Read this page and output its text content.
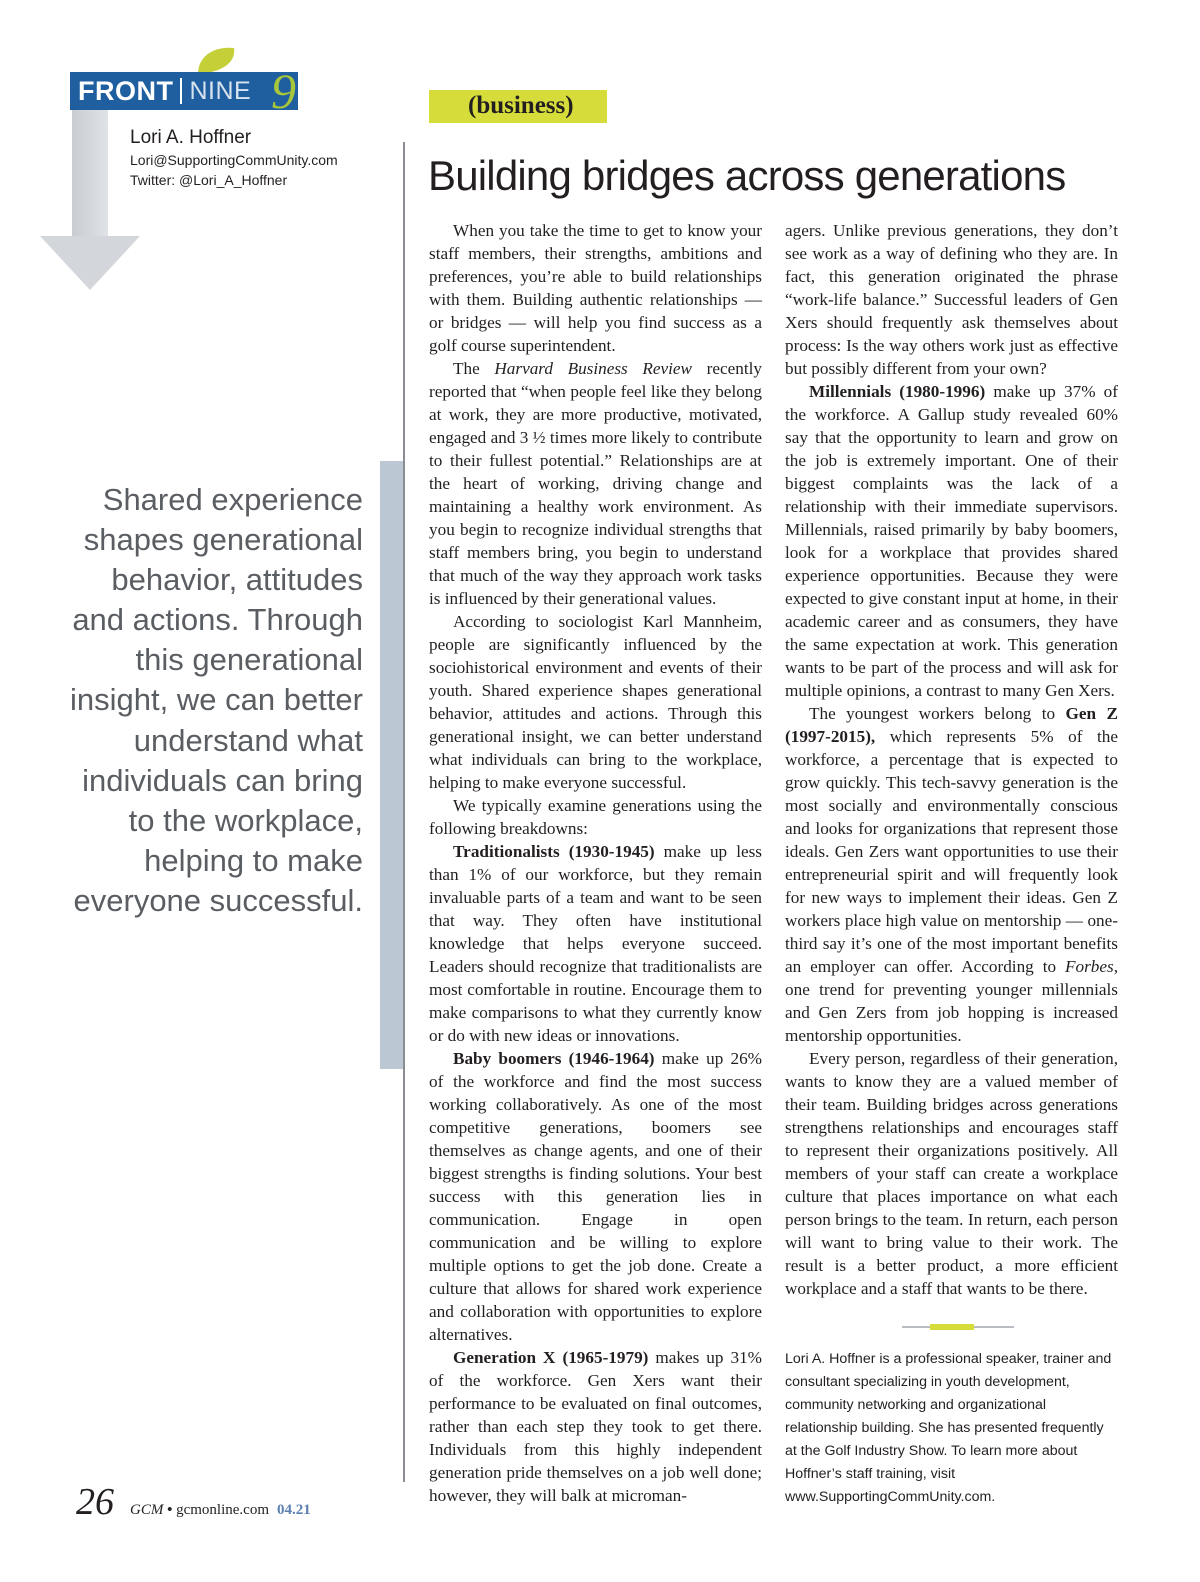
FRONT NINE 9
Lori A. Hoffner
Lori@SupportingCommUnity.com
Twitter: @Lori_A_Hoffner
(business)
Building bridges across generations
Shared experience shapes generational behavior, attitudes and actions. Through this generational insight, we can better understand what individuals can bring to the workplace, helping to make everyone successful.

When you take the time to get to know your staff members, their strengths, ambitions and preferences, you’re able to build relationships with them. Building authentic relationships — or bridges — will help you find success as a golf course superintendent.

The Harvard Business Review recently reported that “when people feel like they belong at work, they are more productive, motivated, engaged and 3 ½ times more likely to contribute to their fullest potential.” Relationships are at the heart of working, driving change and maintaining a healthy work environment. As you begin to recognize individual strengths that staff members bring, you begin to understand that much of the way they approach work tasks is influenced by their generational values.

According to sociologist Karl Mannheim, people are significantly influenced by the sociohistorical environment and events of their youth. Shared experience shapes generational behavior, attitudes and actions. Through this generational insight, we can better understand what individuals can bring to the workplace, helping to make everyone successful.

We typically examine generations using the following breakdowns:

Traditionalists (1930-1945) make up less than 1% of our workforce, but they remain invaluable parts of a team and want to be seen that way. They often have institutional knowledge that helps everyone succeed. Leaders should recognize that traditionalists are most comfortable in routine. Encourage them to make comparisons to what they currently know or do with new ideas or innovations.

Baby boomers (1946-1964) make up 26% of the workforce and find the most success working collaboratively. As one of the most competitive generations, boomers see themselves as change agents, and one of their biggest strengths is finding solutions. Your best success with this generation lies in communication. Engage in open communication and be willing to explore multiple options to get the job done. Create a culture that allows for shared work experience and collaboration with opportunities to explore alternatives.

Generation X (1965-1979) makes up 31% of the workforce. Gen Xers want their performance to be evaluated on final outcomes, rather than each step they took to get there. Individuals from this highly independent generation pride themselves on a job well done; however, they will balk at microman-

agers. Unlike previous generations, they don’t see work as a way of defining who they are. In fact, this generation originated the phrase “work-life balance.” Successful leaders of Gen Xers should frequently ask themselves about process: Is the way others work just as effective but possibly different from your own?

Millennials (1980-1996) make up 37% of the workforce. A Gallup study revealed 60% say that the opportunity to learn and grow on the job is extremely important. One of their biggest complaints was the lack of a relationship with their immediate supervisors. Millennials, raised primarily by baby boomers, look for a workplace that provides shared experience opportunities. Because they were expected to give constant input at home, in their academic career and as consumers, they have the same expectation at work. This generation wants to be part of the process and will ask for multiple opinions, a contrast to many Gen Xers.

The youngest workers belong to Gen Z (1997-2015), which represents 5% of the workforce, a percentage that is expected to grow quickly. This tech-savvy generation is the most socially and environmentally conscious and looks for organizations that represent those ideals. Gen Zers want opportunities to use their entrepreneurial spirit and will frequently look for new ways to implement their ideas. Gen Z workers place high value on mentorship — one-third say it’s one of the most important benefits an employer can offer. According to Forbes, one trend for preventing younger millennials and Gen Zers from job hopping is increased mentorship opportunities.

Every person, regardless of their generation, wants to know they are a valued member of their team. Building bridges across generations strengthens relationships and encourages staff to represent their organizations positively. All members of your staff can create a workplace culture that places importance on what each person brings to the team. In return, each person will want to bring value to their work. The result is a better product, a more efficient workplace and a staff that wants to be there.

Lori A. Hoffner is a professional speaker, trainer and consultant specializing in youth development, community networking and organizational relationship building. She has presented frequently at the Golf Industry Show. To learn more about Hoffner’s staff training, visit www.SupportingCommUnity.com.
26 GCM • gcmonline.com 04.21
